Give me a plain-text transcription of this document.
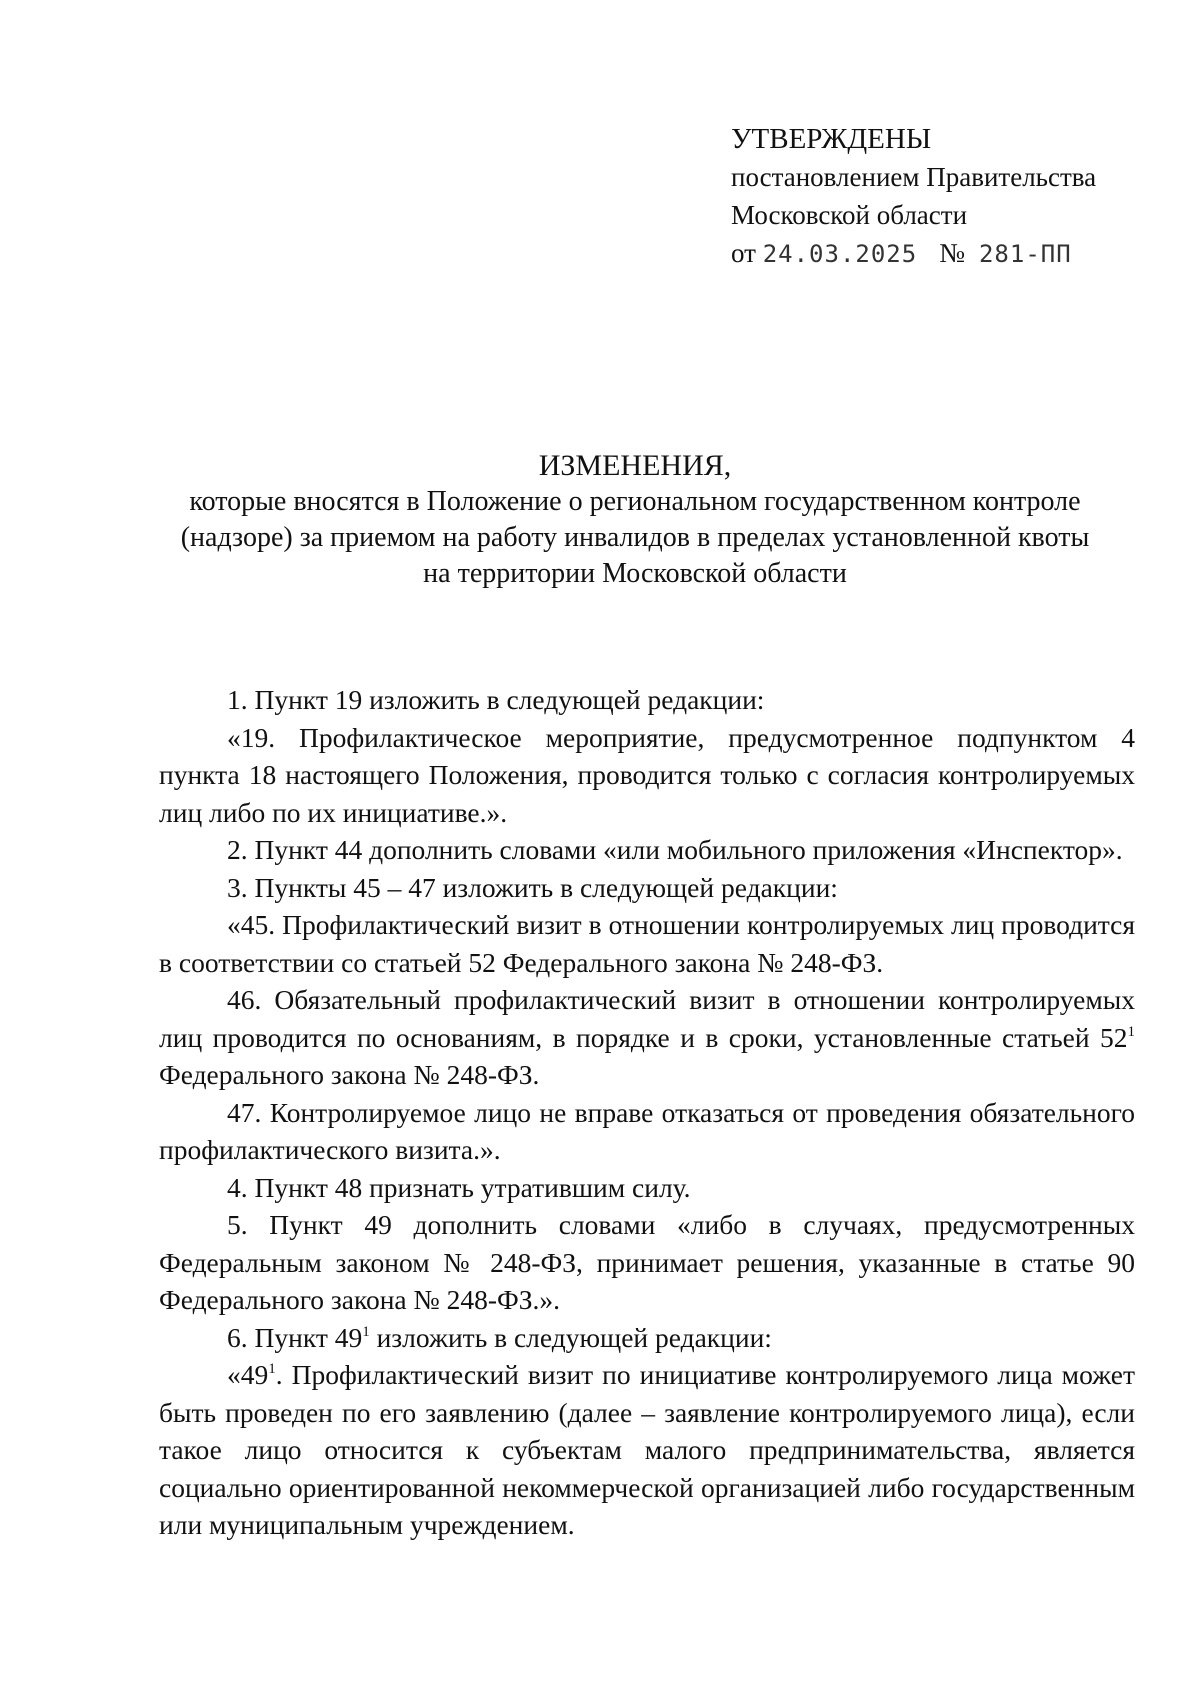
УТВЕРЖДЕНЫ
постановлением Правительства
Московской области
от 24.03.2025 № 281-ПП
ИЗМЕНЕНИЯ,
которые вносятся в Положение о региональном государственном контроле
(надзоре) за приемом на работу инвалидов в пределах установленной квоты
на территории Московской области

1. Пункт 19 изложить в следующей редакции:

«19. Профилактическое мероприятие, предусмотренное подпунктом 4 пункта 18 настоящего Положения, проводится только с согласия контролируемых лиц либо по их инициативе.».

2. Пункт 44 дополнить словами «или мобильного приложения «Инспектор».

3. Пункты 45 – 47 изложить в следующей редакции:

«45. Профилактический визит в отношении контролируемых лиц проводится в соответствии со статьей 52 Федерального закона № 248-ФЗ.

46. Обязательный профилактический визит в отношении контролируемых лиц проводится по основаниям, в порядке и в сроки, установленные статьей $52^1$ Федерального закона № 248-ФЗ.

47. Контролируемое лицо не вправе отказаться от проведения обязательного профилактического визита.».

4. Пункт 48 признать утратившим силу.

5. Пункт 49 дополнить словами «либо в случаях, предусмотренных Федеральным законом № 248-ФЗ, принимает решения, указанные в статье 90 Федерального закона № 248-ФЗ.».

6. Пункт $49^1$ изложить в следующей редакции:

«$49^1$. Профилактический визит по инициативе контролируемого лица может быть проведен по его заявлению (далее – заявление контролируемого лица), если такое лицо относится к субъектам малого предпринимательства, является социально ориентированной некоммерческой организацией либо государственным или муниципальным учреждением.
